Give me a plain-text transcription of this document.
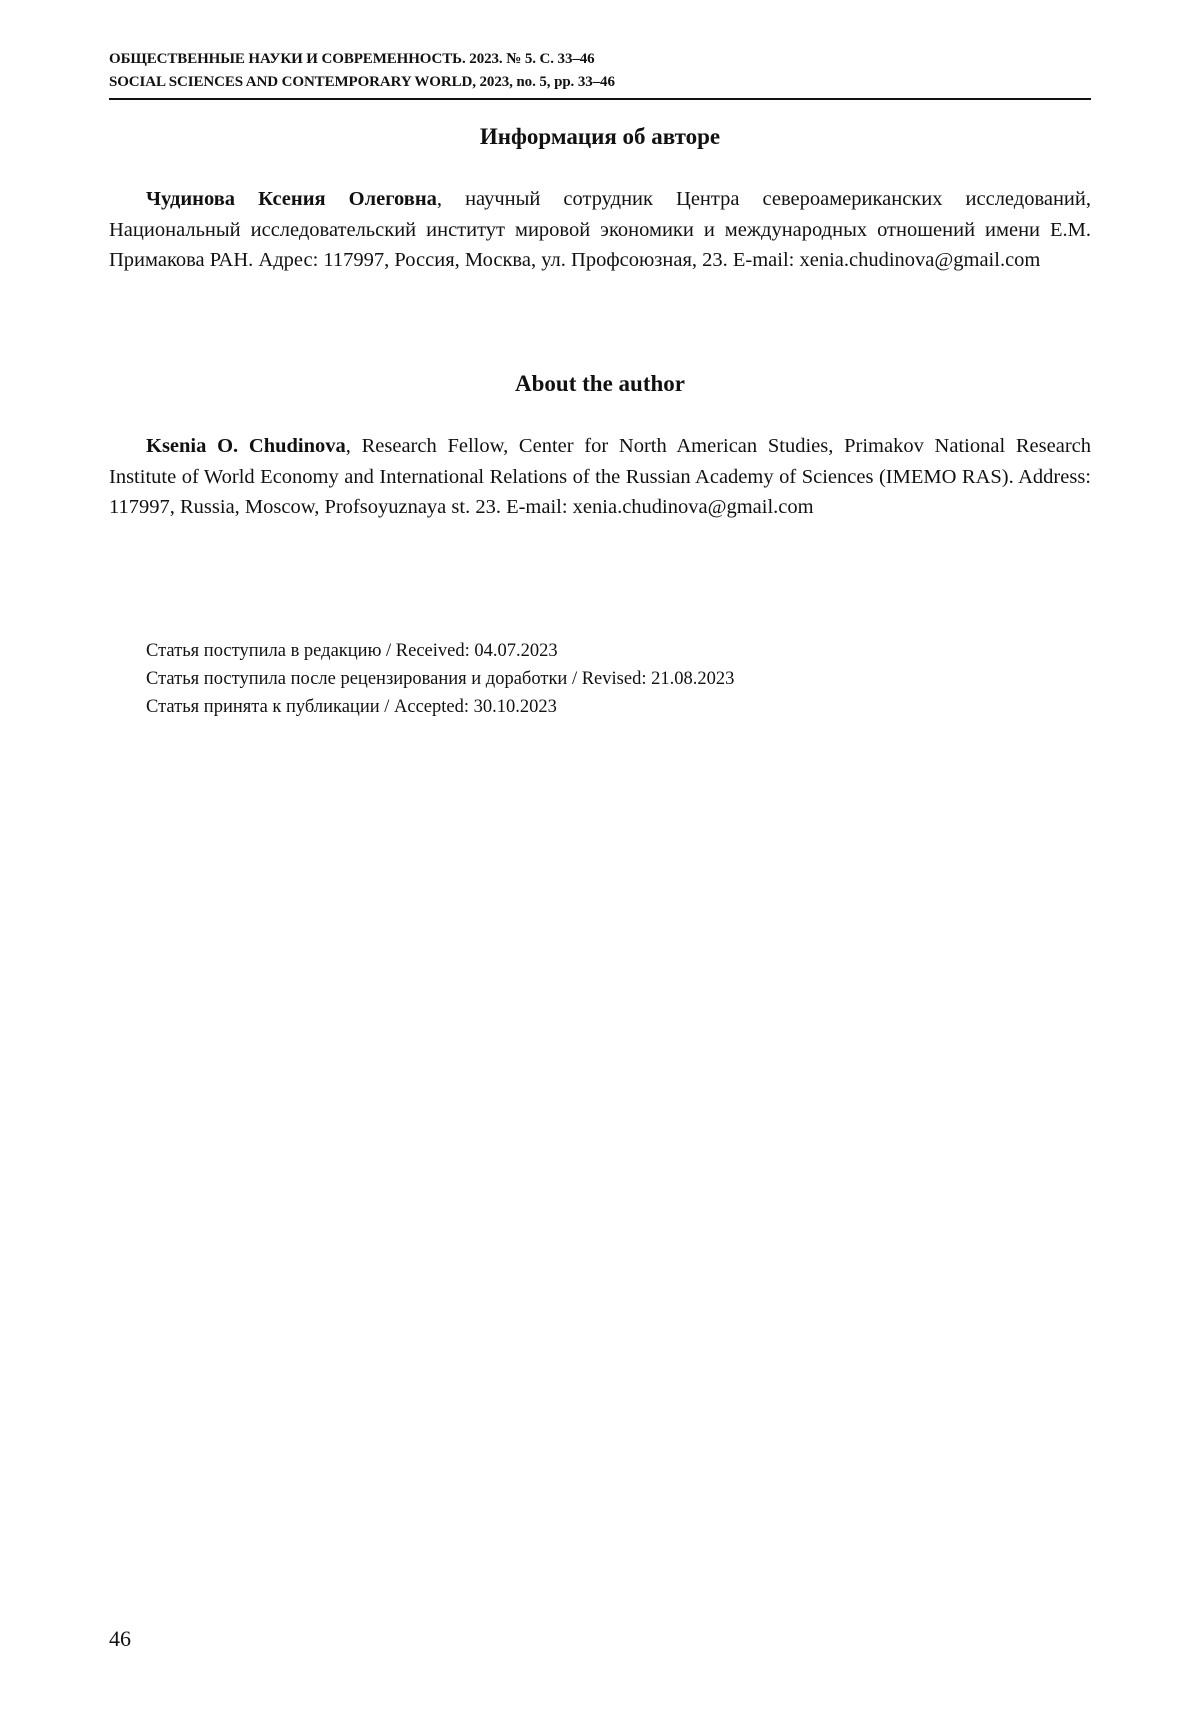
ОБЩЕСТВЕННЫЕ НАУКИ И СОВРЕМЕННОСТЬ. 2023. № 5. С. 33–46
SOCIAL SCIENCES AND CONTEMPORARY WORLD, 2023, no. 5, pp. 33–46
Информация об авторе

Чудинова Ксения Олеговна, научный сотрудник Центра североамериканских исследований, Национальный исследовательский институт мировой экономики и международных отношений имени Е.М. Примакова РАН. Адрес: 117997, Россия, Москва, ул. Профсоюзная, 23. E-mail: xenia.chudinova@gmail.com

About the author

Ksenia O. Chudinova, Research Fellow, Center for North American Studies, Primakov National Research Institute of World Economy and International Relations of the Russian Academy of Sciences (IMEMO RAS). Address: 117997, Russia, Moscow, Profsoyuznaya st. 23. E-mail: xenia.chudinova@gmail.com

Статья поступила в редакцию / Received: 04.07.2023
Статья поступила после рецензирования и доработки / Revised: 21.08.2023
Статья принята к публикации / Accepted: 30.10.2023
46
